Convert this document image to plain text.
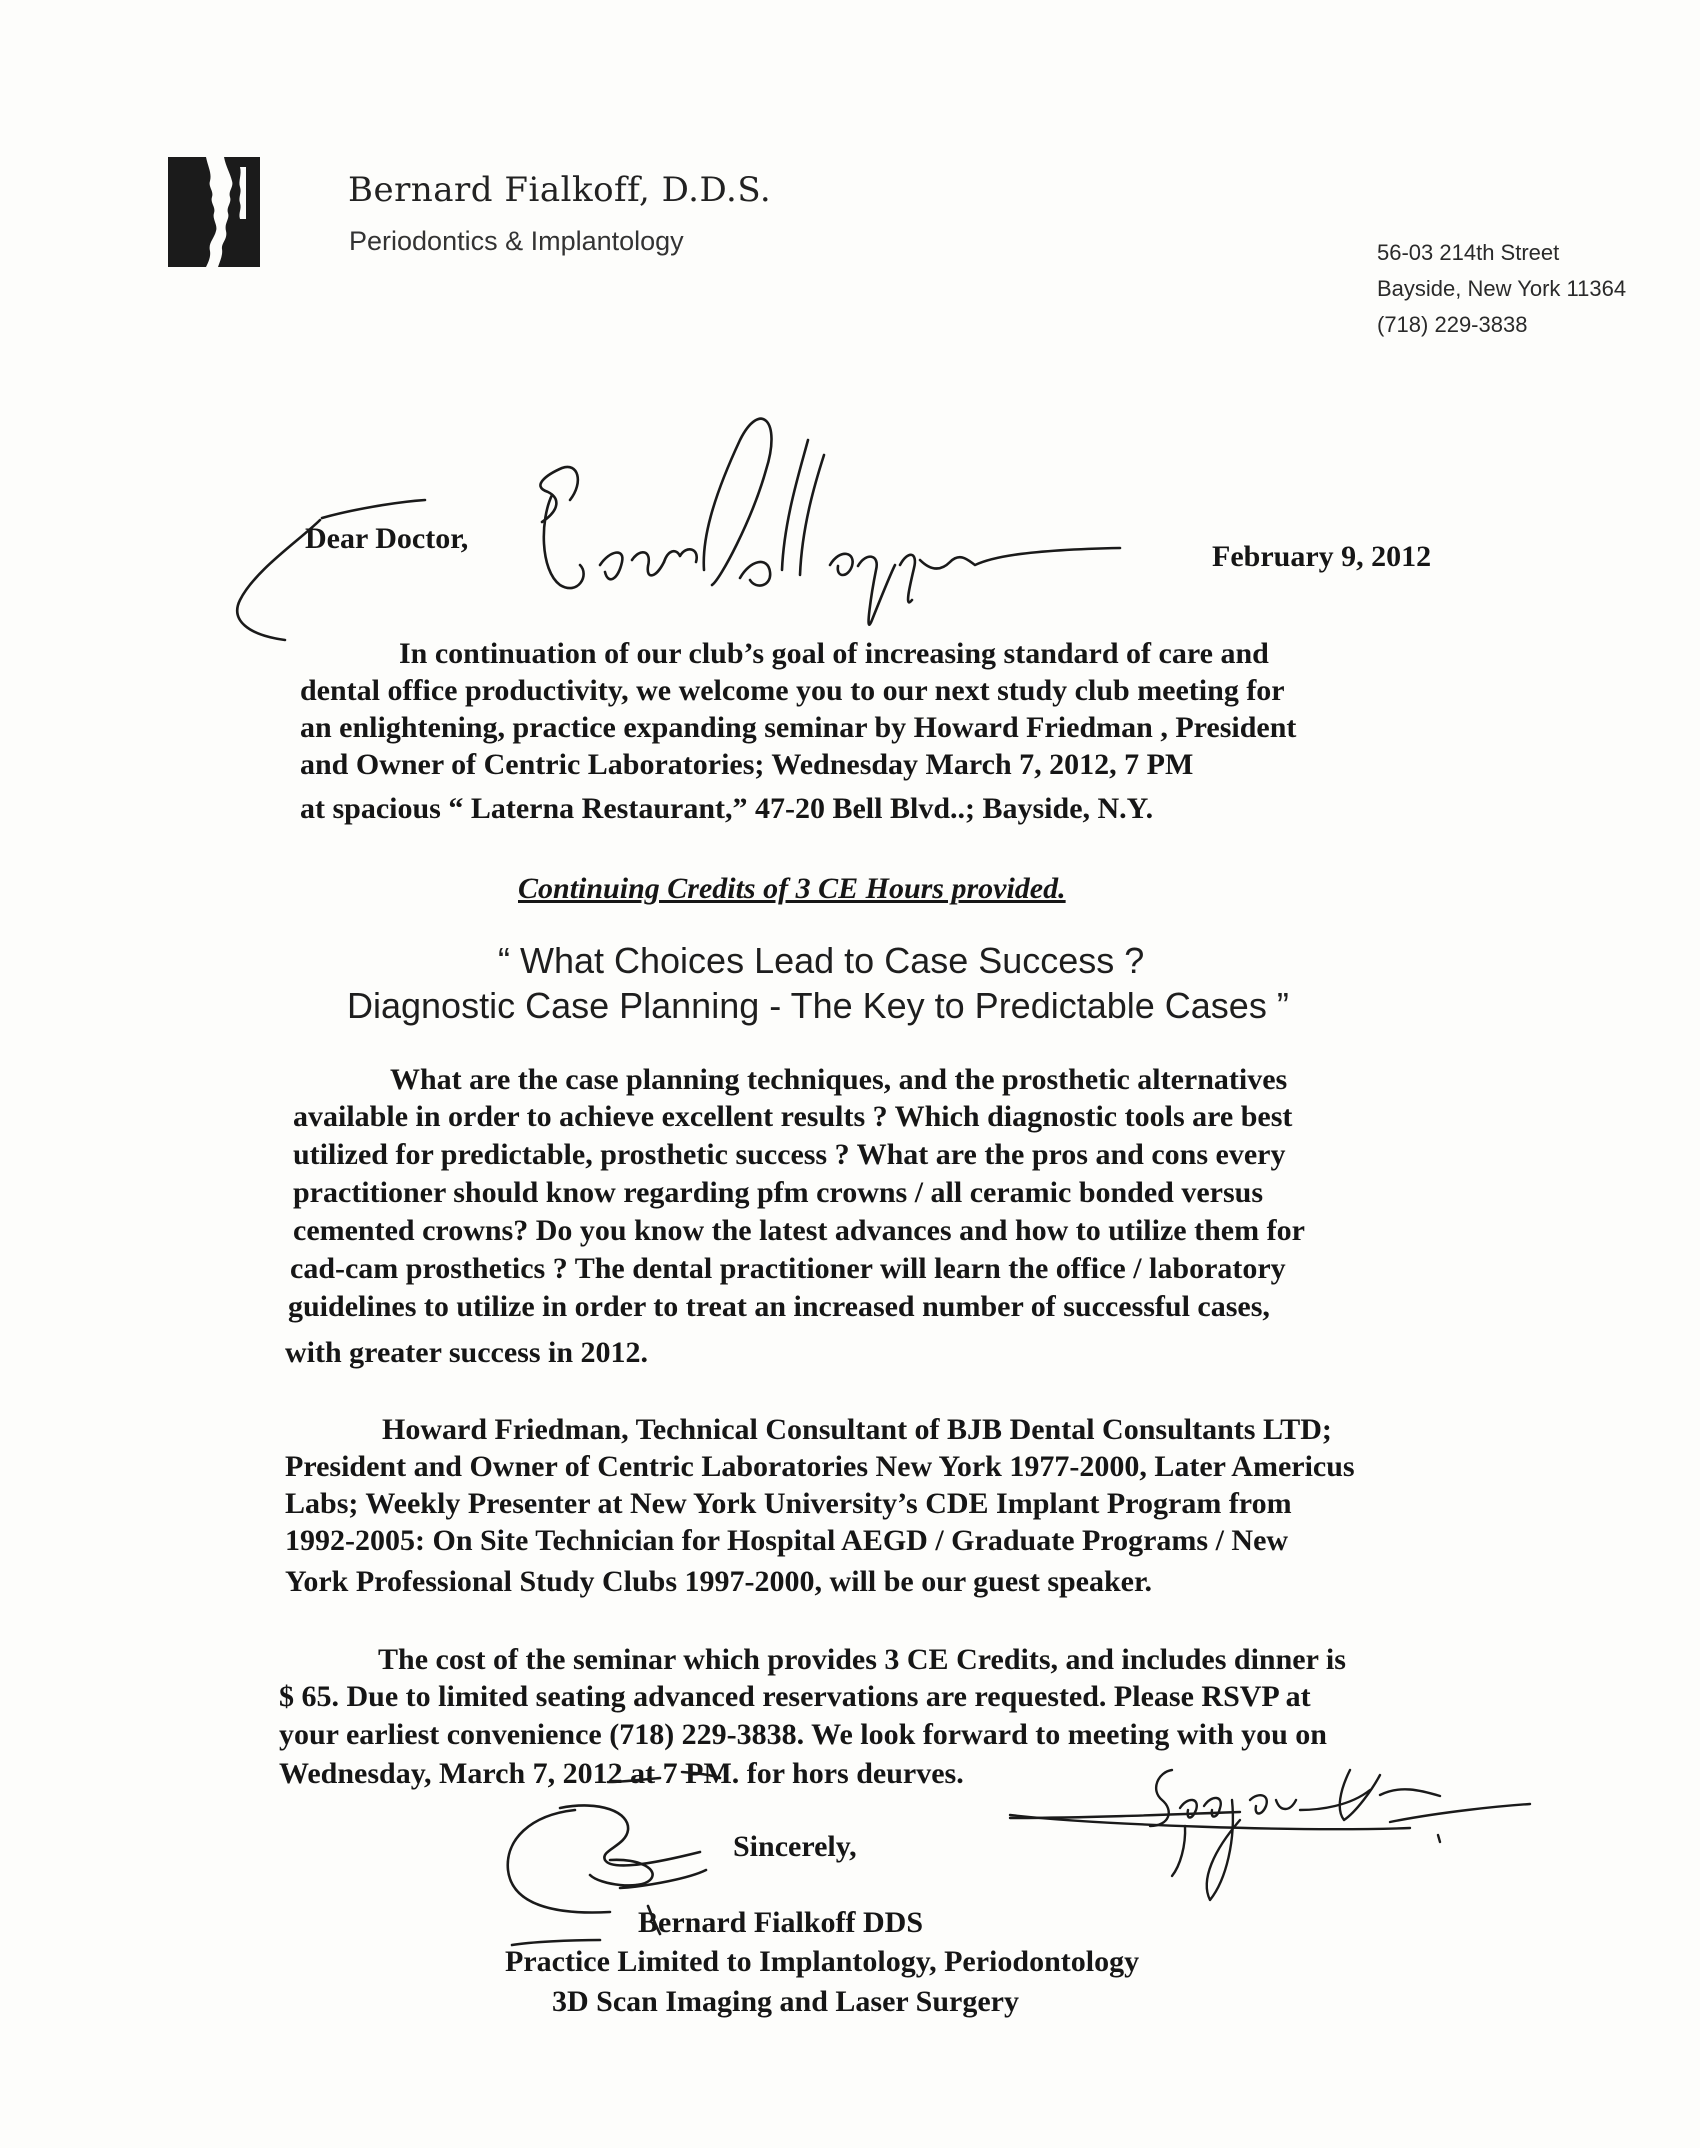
Bernard Fialkoff, D.D.S.
Periodontics & Implantology	56-03 214th Street
Bayside, New York 11364
(718) 229-3838
Dear Doctor,
February 9, 2012
In continuation of our club’s goal of increasing standard of care and
dental office productivity, we welcome you to our next study club meeting for
an enlightening, practice expanding seminar by Howard Friedman , President
and Owner of Centric Laboratories; Wednesday March 7, 2012, 7 PM
at spacious “ Laterna Restaurant,” 47-20 Bell Blvd..; Bayside, N.Y.
Continuing Credits of 3 CE Hours provided.
“ What Choices Lead to Case Success ?
Diagnostic Case Planning - The Key to Predictable Cases ”
What are the case planning techniques, and the prosthetic alternatives
available in order to achieve excellent results ? Which diagnostic tools are best
utilized for predictable, prosthetic success ? What are the pros and cons every
practitioner should know regarding pfm crowns / all ceramic bonded versus
cemented crowns? Do you know the latest advances and how to utilize them for
cad-cam prosthetics ? The dental practitioner will learn the office / laboratory
guidelines to utilize in order to treat an increased number of successful cases,
with greater success in 2012.
Howard Friedman, Technical Consultant of BJB Dental Consultants LTD;
President and Owner of Centric Laboratories New York 1977-2000, Later Americus
Labs; Weekly Presenter at New York University’s CDE Implant Program from
1992-2005: On Site Technician for Hospital AEGD / Graduate Programs / New
York Professional Study Clubs 1997-2000, will be our guest speaker.
The cost of the seminar which provides 3 CE Credits, and includes dinner is
$ 65. Due to limited seating advanced reservations are requested. Please RSVP at
your earliest convenience (718) 229-3838. We look forward to meeting with you on
Wednesday, March 7, 2012 at 7 PM. for hors deurves.
Sincerely,
Bernard Fialkoff DDS
Practice Limited to Implantology, Periodontology
3D Scan Imaging and Laser Surgery
